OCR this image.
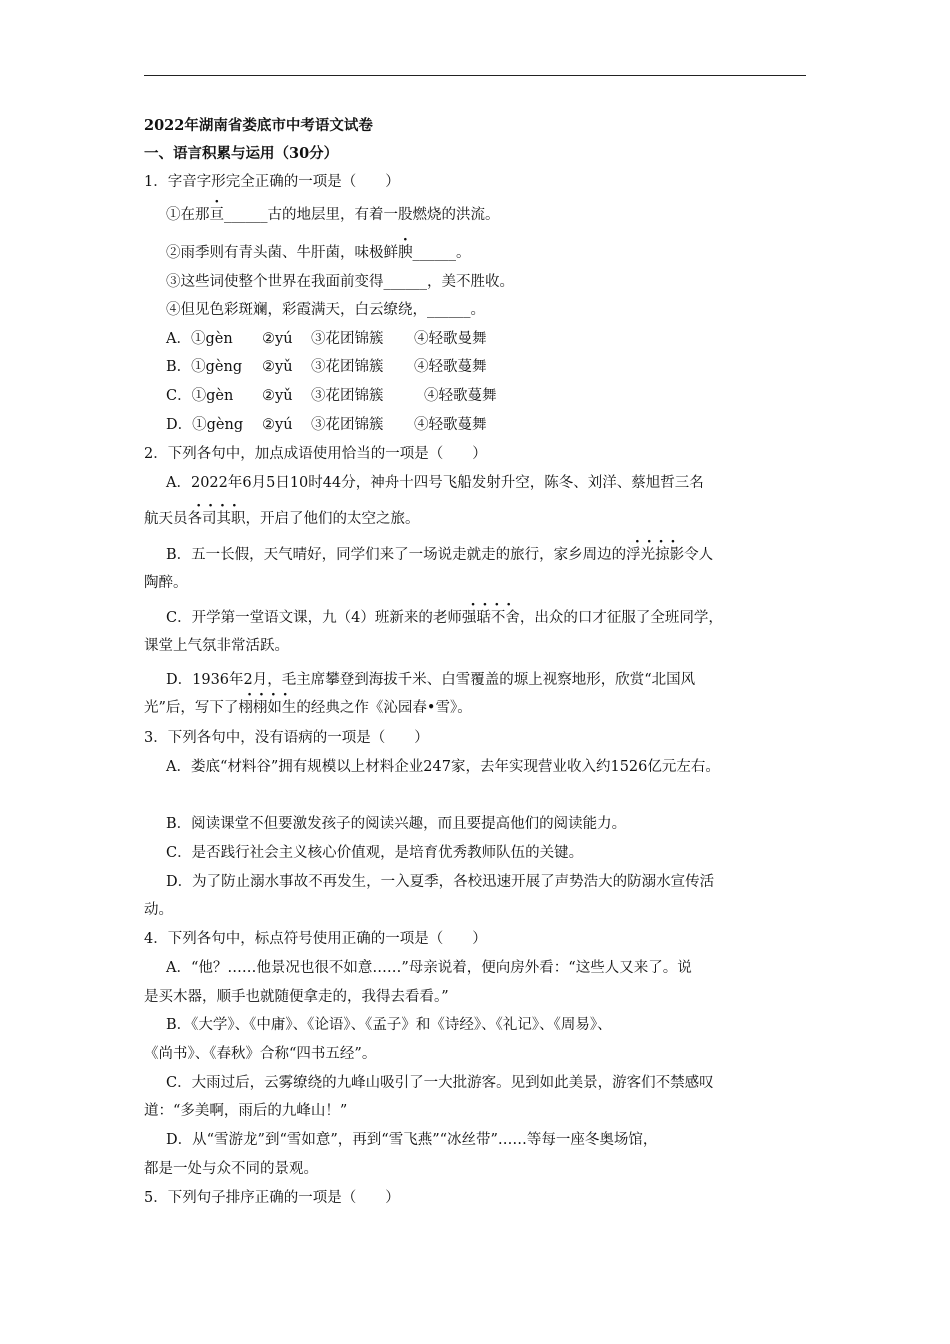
2022年湖南省娄底市中考语文试卷
一、语言积累与运用（30分）
1．字音字形完全正确的一项是（　　）
①在那亘______古的地层里，有着一股燃烧的洪流。
②雨季则有青头菌、牛肝菌，味极鲜腴______。
③这些词使整个世界在我面前变得______，美不胜收。
④但见色彩斑斓，彩霞满天，白云缭绕，______。
A．①gèn ②yú ③花团锦簇 ④轻歌曼舞
B．①gèng ②yǔ ③花团锦簇 ④轻歌蔓舞
C．①gèn ②yǔ ③花团锦簇	④轻歌蔓舞
D．①gèng ②yú ③花团锦簇 ④轻歌蔓舞
2．下列各句中，加点成语使用恰当的一项是（　　）
A．2022年6月5日10时44分，神舟十四号飞船发射升空，陈冬、刘洋、蔡旭哲三名
航天员· · · · 各司其职，开启了他们的太空之旅。
B．五一长假，天气晴好，同学们来了一场说走就走的旅行，家乡周边的· · · · 浮光掠影令人
陶醉。
C．开学第一堂语文课，九（4）班新来的老师· · · · 强聒不舍，出众的口才征服了全班同学，
课堂上气氛非常活跃。
D．1936年2月，毛主席攀登到海拔千米、白雪覆盖的塬上视察地形，欣赏“北国风
光”后，写下了· · · · 栩栩如生的经典之作《沁园春•雪》。
3．下列各句中，没有语病的一项是（　　）
A．娄底“材料谷”拥有规模以上材料企业247家，去年实现营业收入约1526亿元左右。
B．阅读课堂不但要激发孩子的阅读兴趣，而且要提高他们的阅读能力。
C．是否践行社会主义核心价值观，是培育优秀教师队伍的关键。
D．为了防止溺水事故不再发生，一入夏季，各校迅速开展了声势浩大的防溺水宣传活
动。
4．下列各句中，标点符号使用正确的一项是（　　）
A．“他？……他景况也很不如意……”母亲说着，便向房外看：“这些人又来了。说
是买木器，顺手也就随便拿走的，我得去看看。”
B．《大学》、《中庸》、《论语》、《孟子》和《诗经》、《礼记》、《周易》、
《尚书》、《春秋》合称“四书五经”。
C．大雨过后，云雾缭绕的九峰山吸引了一大批游客。见到如此美景，游客们不禁感叹
道：“多美啊，雨后的九峰山！”
D．从“雪游龙”到“雪如意”，再到“雪飞燕”“冰丝带”……等每一座冬奥场馆，
都是一处与众不同的景观。
5．下列句子排序正确的一项是（　　）
